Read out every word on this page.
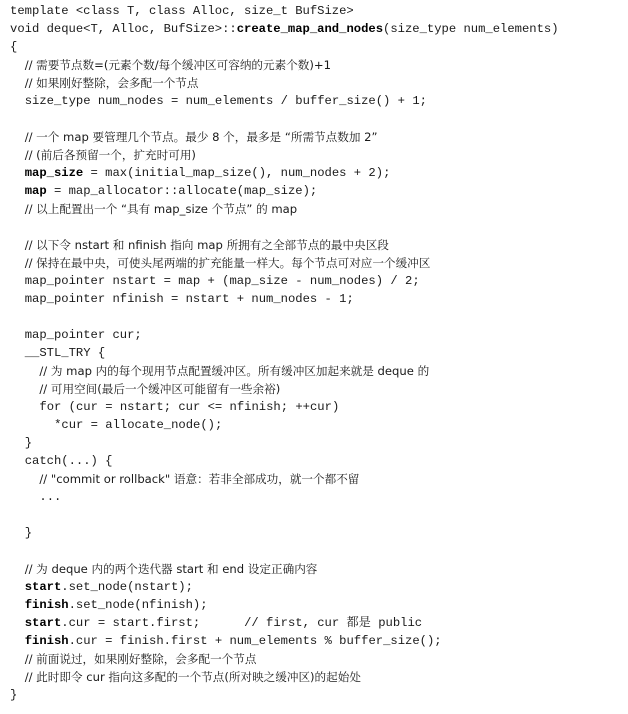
template <class T, class Alloc, size_t BufSize>
void deque<T, Alloc, BufSize>::create_map_and_nodes(size_type num_elements)
{
// 需要节点数=(元素个数/每个缓冲区可容纳的元素个数)+1
// 如果刚好整除，会多配一个节点
size_type num_nodes = num_elements / buffer_size() + 1;
// 一个 map 要管理几个节点。最少 8 个，最多是 “所需节点数加 2”
// (前后各预留一个，扩充时可用)
map_size = max(initial_map_size(), num_nodes + 2);
map = map_allocator::allocate(map_size);
// 以上配置出一个 “具有 map_size 个节点” 的 map
// 以下令 nstart 和 nfinish 指向 map 所拥有之全部节点的最中央区段
// 保持在最中央，可使头尾两端的扩充能量一样大。每个节点可对应一个缓冲区
map_pointer nstart = map + (map_size - num_nodes) / 2;
map_pointer nfinish = nstart + num_nodes - 1;
map_pointer cur;
__STL_TRY {
// 为 map 内的每个现用节点配置缓冲区。所有缓冲区加起来就是 deque 的
// 可用空间(最后一个缓冲区可能留有一些余裕)
for (cur = nstart; cur <= nfinish; ++cur)
*cur = allocate_node();
}
catch(...) {
// "commit or rollback" 语意：若非全部成功，就一个都不留
...
}
// 为 deque 内的两个迭代器 start 和 end 设定正确内容
start.set_node(nstart);
finish.set_node(nfinish);
start.cur = start.first;      // first, cur 都是 public
finish.cur = finish.first + num_elements % buffer_size();
// 前面说过，如果刚好整除，会多配一个节点
// 此时即令 cur 指向这多配的一个节点(所对映之缓冲区)的起始处
}
